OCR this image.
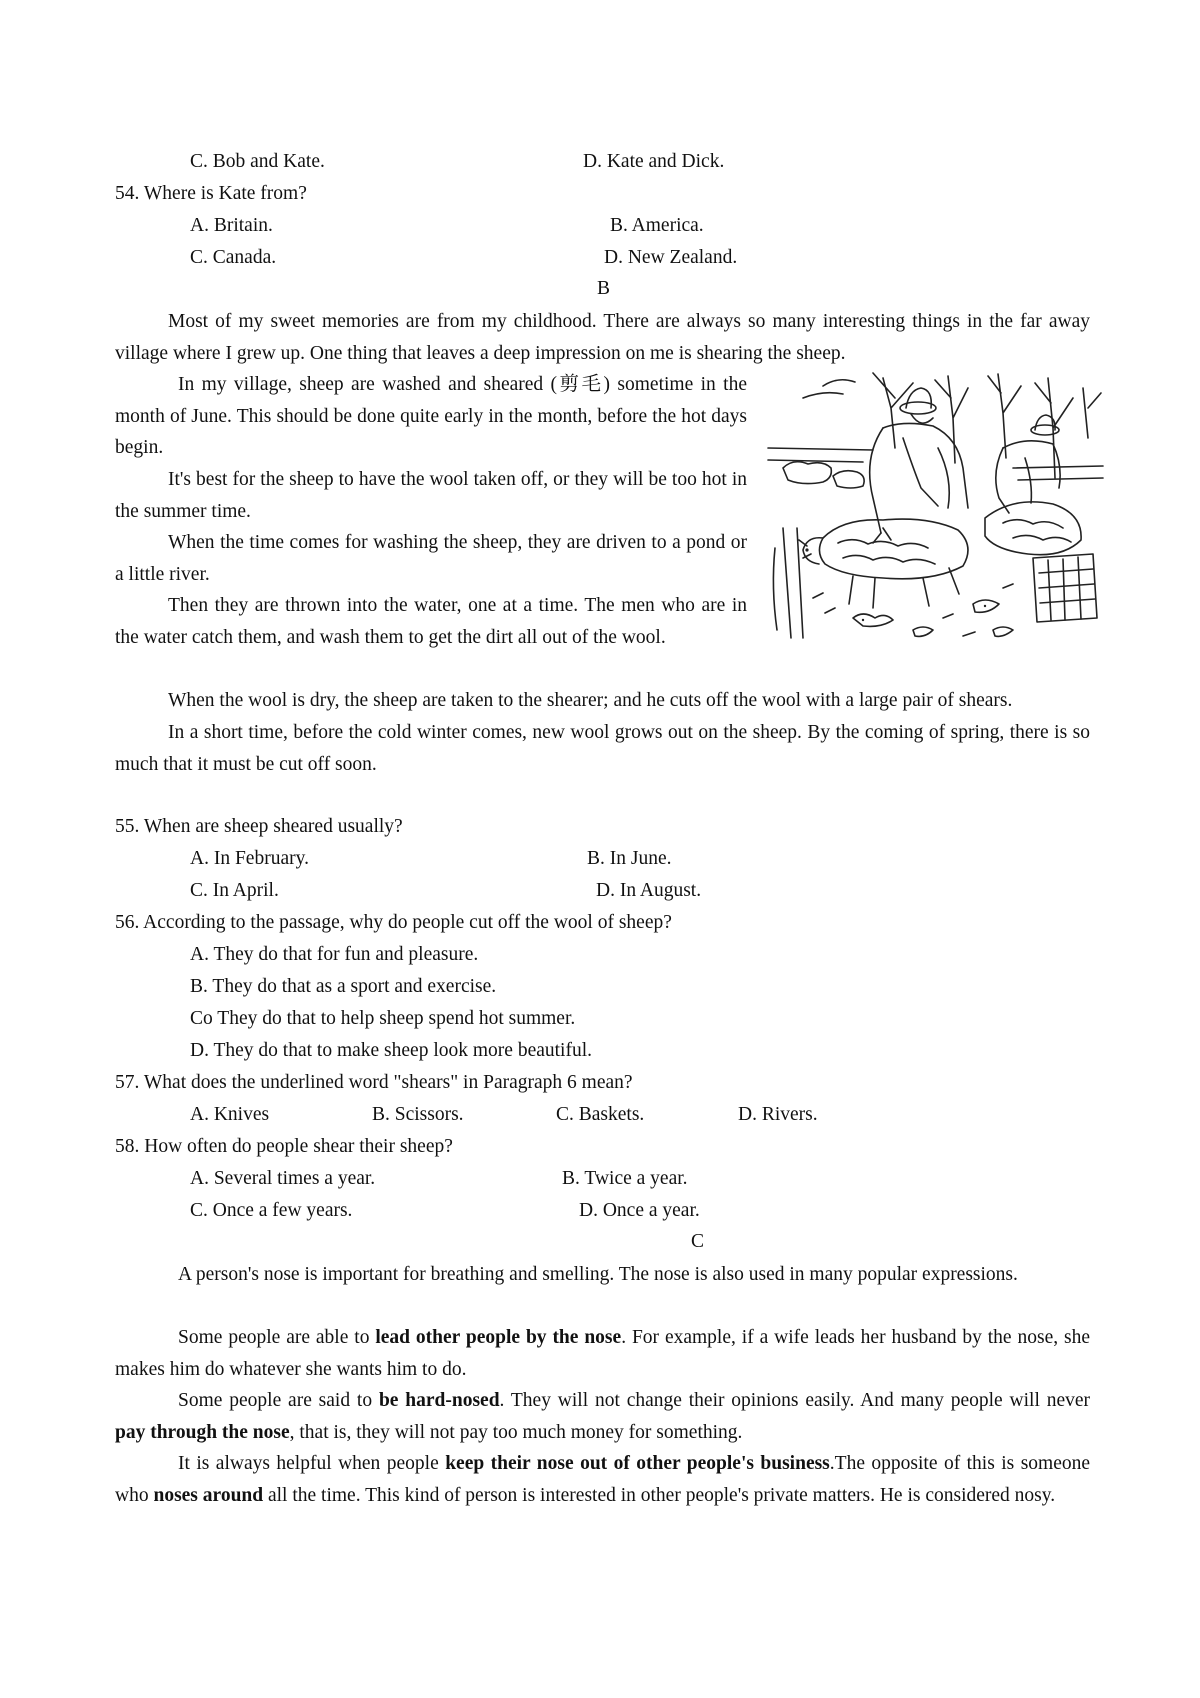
C. Bob and Kate.	D. Kate and Dick.
54. Where is Kate from?
A. Britain.	B. America.
C. Canada.	D. New Zealand.
B

Most of my sweet memories are from my childhood. There are always so many interesting things in the far away village where I grew up. One thing that leaves a deep impression on me is shearing the sheep.

In my village, sheep are washed and sheared (剪毛) sometime in the month of June. This should be done quite early in the month, before the hot days begin.

It's best for the sheep to have the wool taken off, or they will be too hot in the summer time.

When the time comes for washing the sheep, they are driven to a pond or a little river.

Then they are thrown into the water, one at a time. The men who are in the water catch them, and wash them to get the dirt all out of the wool.

When the wool is dry, the sheep are taken to the shearer; and he cuts off the wool with a large pair of shears.

In a short time, before the cold winter comes, new wool grows out on the sheep. By the coming of spring, there is so much that it must be cut off soon.

55. When are sheep sheared usually?
A. In February.	B. In June.
C. In April.	D. In August.
56. According to the passage, why do people cut off the wool of sheep?
A. They do that for fun and pleasure.
B. They do that as a sport and exercise.
Co They do that to help sheep spend hot summer.
D. They do that to make sheep look more beautiful.
57. What does the underlined word "shears" in Paragraph 6 mean?
A. Knives	B. Scissors.	C. Baskets.	D. Rivers.
58. How often do people shear their sheep?
A. Several times a year.	B. Twice a year.
C. Once a few years.	D. Once a year.
C

A person's nose is important for breathing and smelling. The nose is also used in many popular expressions.

Some people are able to lead other people by the nose. For example, if a wife leads her husband by the nose, she makes him do whatever she wants him to do.

Some people are said to be hard-nosed. They will not change their opinions easily. And many people will never pay through the nose, that is, they will not pay too much money for something.

It is always helpful when people keep their nose out of other people's business.The opposite of this is someone who noses around all the time. This kind of person is interested in other people's private matters. He is considered nosy.
